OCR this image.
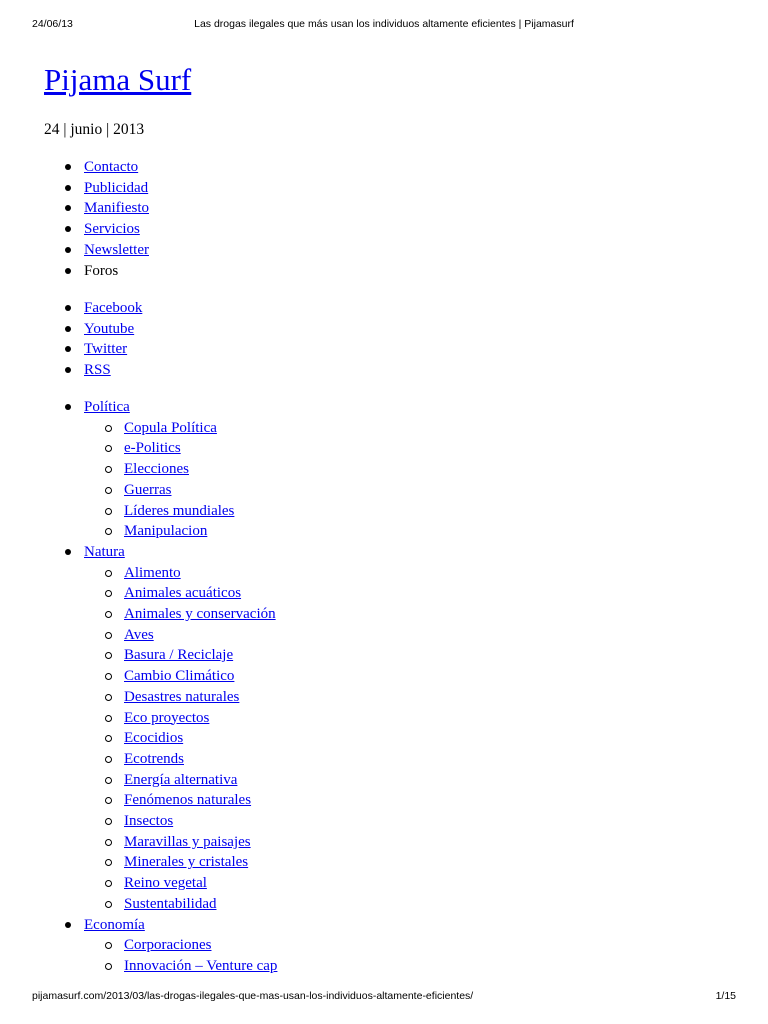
24/06/13	Las drogas ilegales que más usan los individuos altamente eficientes | Pijamasurf
Pijama Surf
24 | junio | 2013
Contacto
Publicidad
Manifiesto
Servicios
Newsletter
Foros
Facebook
Youtube
Twitter
RSS
Política
Copula Política
e-Politics
Elecciones
Guerras
Líderes mundiales
Manipulacion
Natura
Alimento
Animales acuáticos
Animales y conservación
Aves
Basura / Reciclaje
Cambio Climático
Desastres naturales
Eco proyectos
Ecocidios
Ecotrends
Energía alternativa
Fenómenos naturales
Insectos
Maravillas y paisajes
Minerales y cristales
Reino vegetal
Sustentabilidad
Economía
Corporaciones
Innovación – Venture cap
pijamasurf.com/2013/03/las-drogas-ilegales-que-mas-usan-los-individuos-altamente-eficientes/	1/15
